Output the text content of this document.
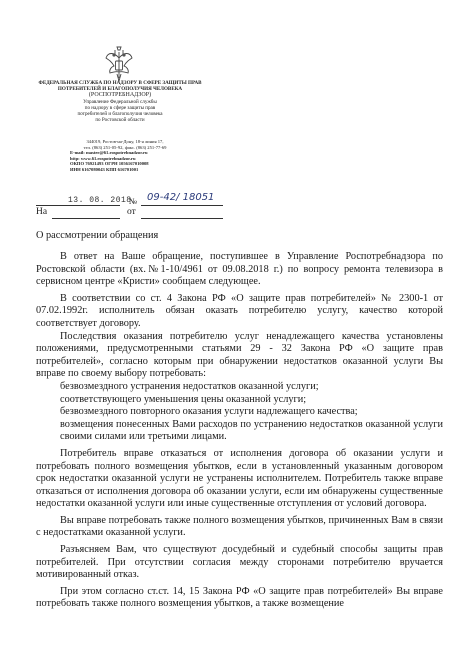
ФЕДЕРАЛЬНАЯ СЛУЖБА ПО НАДЗОРУ В СФЕРЕ ЗАЩИТЫ ПРАВ
ПОТРЕБИТЕЛЕЙ И БЛАГОПОЛУЧИЯ ЧЕЛОВЕКА
(РОСПОТРЕБНАДЗОР)
Управление Федеральной службы
по надзору в сфере защиты прав
потребителей и благополучия человека
по Ростовской области
344019, Ростов-на-Дону, 18-я линия 17,
тел. (863) 251-05-92, факс. (863) 251-77-69
E-mail: master@61.rospotrebnadzor.ru
http: www.61.rospotrebnadzor.ru
ОКПО 76921493 ОГРН 1056167010008
ИНН 6167080043 КПП 616701001
13. 08. 2018
№ 09-42/ 18051
На	от
О рассмотрении обращения

В ответ на Ваше обращение, поступившее в Управление Роспотребнадзора по Ростовской области (вх.№1-10/4961 от 09.08.2018 г.) по вопросу ремонта телевизора в сервисном центре «Кристи» сообщаем следующее.

В соответствии со ст. 4 Закона РФ «О защите прав потребителей» № 2300-1 от 07.02.1992г. исполнитель обязан оказать потребителю услугу, качество которой соответствует договору.

Последствия оказания потребителю услуг ненадлежащего качества установлены положениями, предусмотренными статьями 29 - 32 Закона РФ «О защите прав потребителей», согласно которым при обнаружении недостатков оказанной услуги Вы вправе по своему выбору потребовать:

безвозмездного устранения недостатков оказанной услуги;

соответствующего уменьшения цены оказанной услуги;

безвозмездного повторного оказания услуги надлежащего качества;

возмещения понесенных Вами расходов по устранению недостатков оказанной услуги своими силами или третьими лицами.

Потребитель вправе отказаться от исполнения договора об оказании услуги и потребовать полного возмещения убытков, если в установленный указанным договором срок недостатки оказанной услуги не устранены исполнителем. Потребитель также вправе отказаться от исполнения договора об оказании услуги, если им обнаружены существенные недостатки оказанной услуги или иные существенные отступления от условий договора.

Вы вправе потребовать также полного возмещения убытков, причиненных Вам в связи с недостатками оказанной услуги.

Разъясняем Вам, что существуют досудебный и судебный способы защиты прав потребителей. При отсутствии согласия между сторонами потребителю вручается мотивированный отказ.

При этом согласно ст.ст. 14, 15 Закона РФ «О защите прав потребителей» Вы вправе потребовать также полного возмещения убытков, а также возмещение
